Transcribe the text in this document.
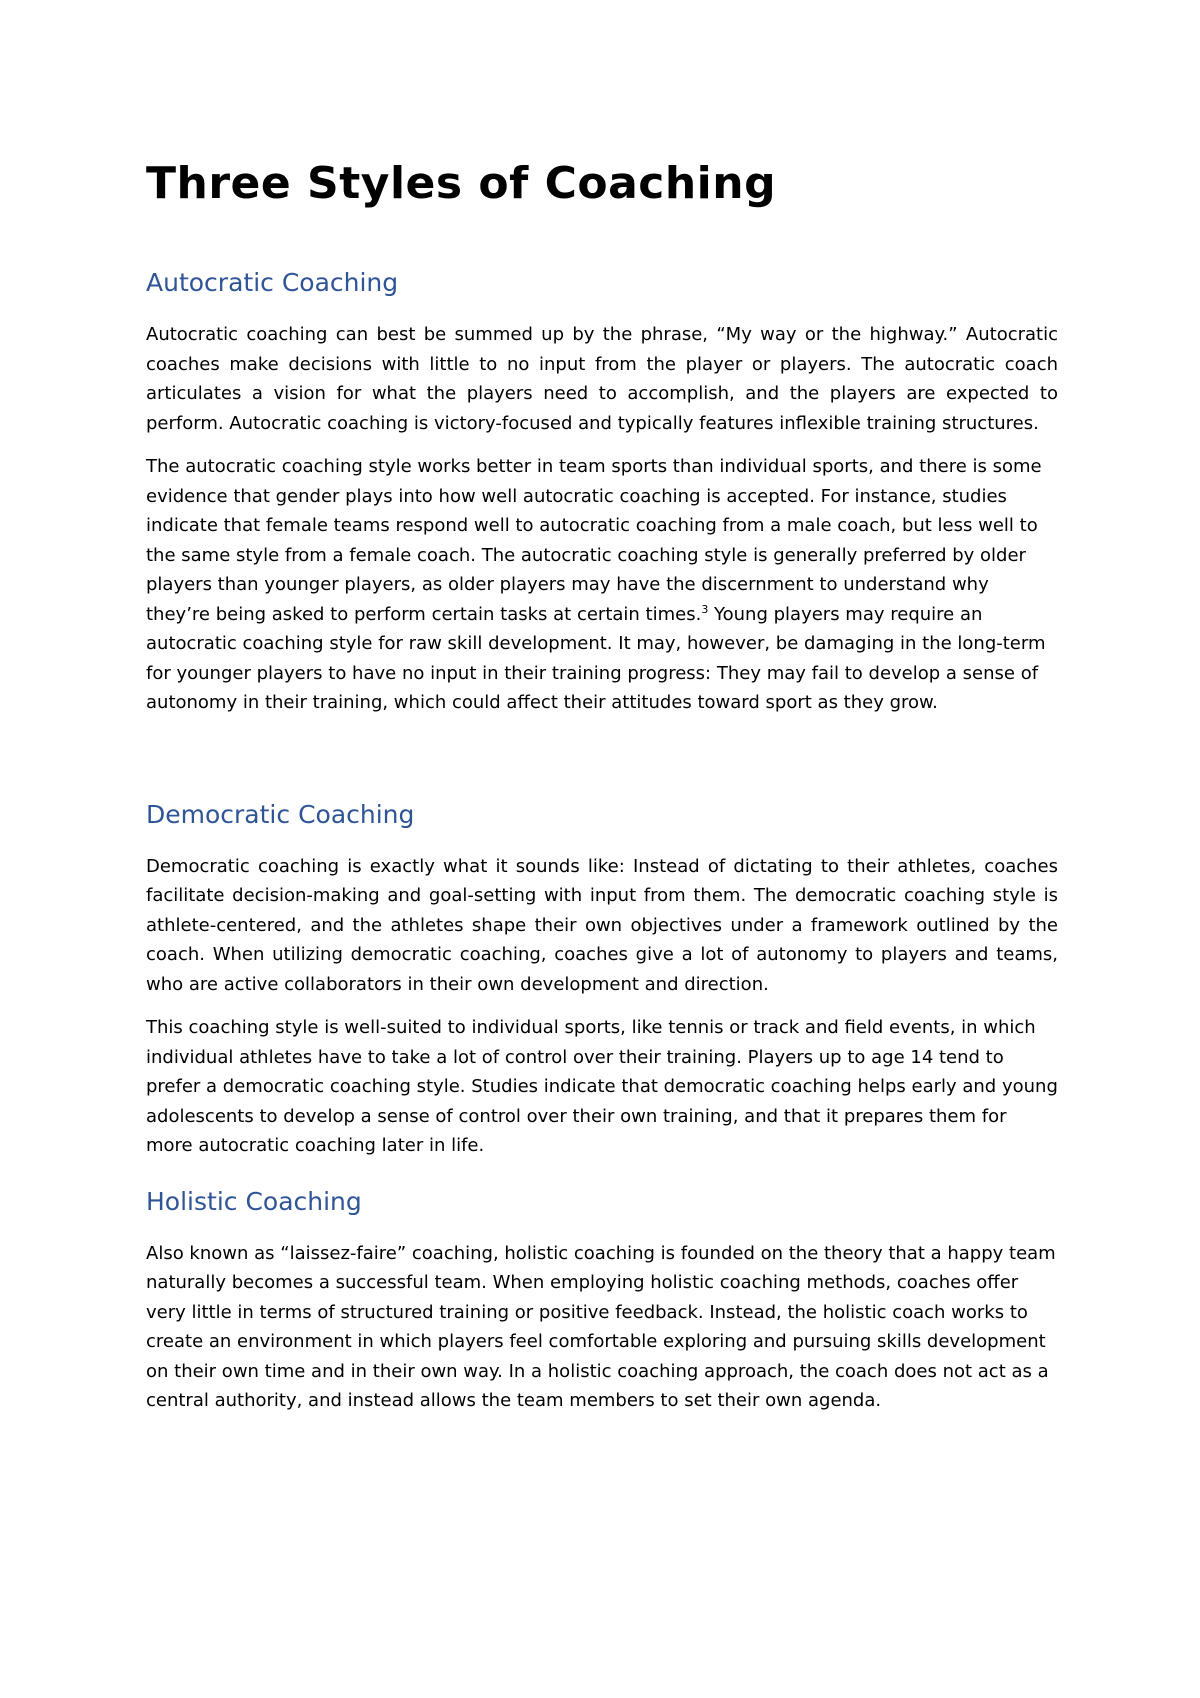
Three Styles of Coaching
Autocratic Coaching

Autocratic coaching can best be summed up by the phrase, “My way or the highway.” Autocratic coaches make decisions with little to no input from the player or players. The autocratic coach articulates a vision for what the players need to accomplish, and the players are expected to perform. Autocratic coaching is victory-focused and typically features inflexible training structures.

The autocratic coaching style works better in team sports than individual sports, and there is some evidence that gender plays into how well autocratic coaching is accepted. For instance, studies indicate that female teams respond well to autocratic coaching from a male coach, but less well to the same style from a female coach. The autocratic coaching style is generally preferred by older players than younger players, as older players may have the discernment to understand why they’re being asked to perform certain tasks at certain times.$^3$ Young players may require an autocratic coaching style for raw skill development. It may, however, be damaging in the long-term for younger players to have no input in their training progress: They may fail to develop a sense of autonomy in their training, which could affect their attitudes toward sport as they grow.

Democratic Coaching

Democratic coaching is exactly what it sounds like: Instead of dictating to their athletes, coaches facilitate decision-making and goal-setting with input from them. The democratic coaching style is athlete-centered, and the athletes shape their own objectives under a framework outlined by the coach. When utilizing democratic coaching, coaches give a lot of autonomy to players and teams, who are active collaborators in their own development and direction.

This coaching style is well-suited to individual sports, like tennis or track and field events, in which individual athletes have to take a lot of control over their training. Players up to age 14 tend to prefer a democratic coaching style. Studies indicate that democratic coaching helps early and young adolescents to develop a sense of control over their own training, and that it prepares them for more autocratic coaching later in life.

Holistic Coaching

Also known as “laissez-faire” coaching, holistic coaching is founded on the theory that a happy team naturally becomes a successful team. When employing holistic coaching methods, coaches offer very little in terms of structured training or positive feedback. Instead, the holistic coach works to create an environment in which players feel comfortable exploring and pursuing skills development on their own time and in their own way. In a holistic coaching approach, the coach does not act as a central authority, and instead allows the team members to set their own agenda.
